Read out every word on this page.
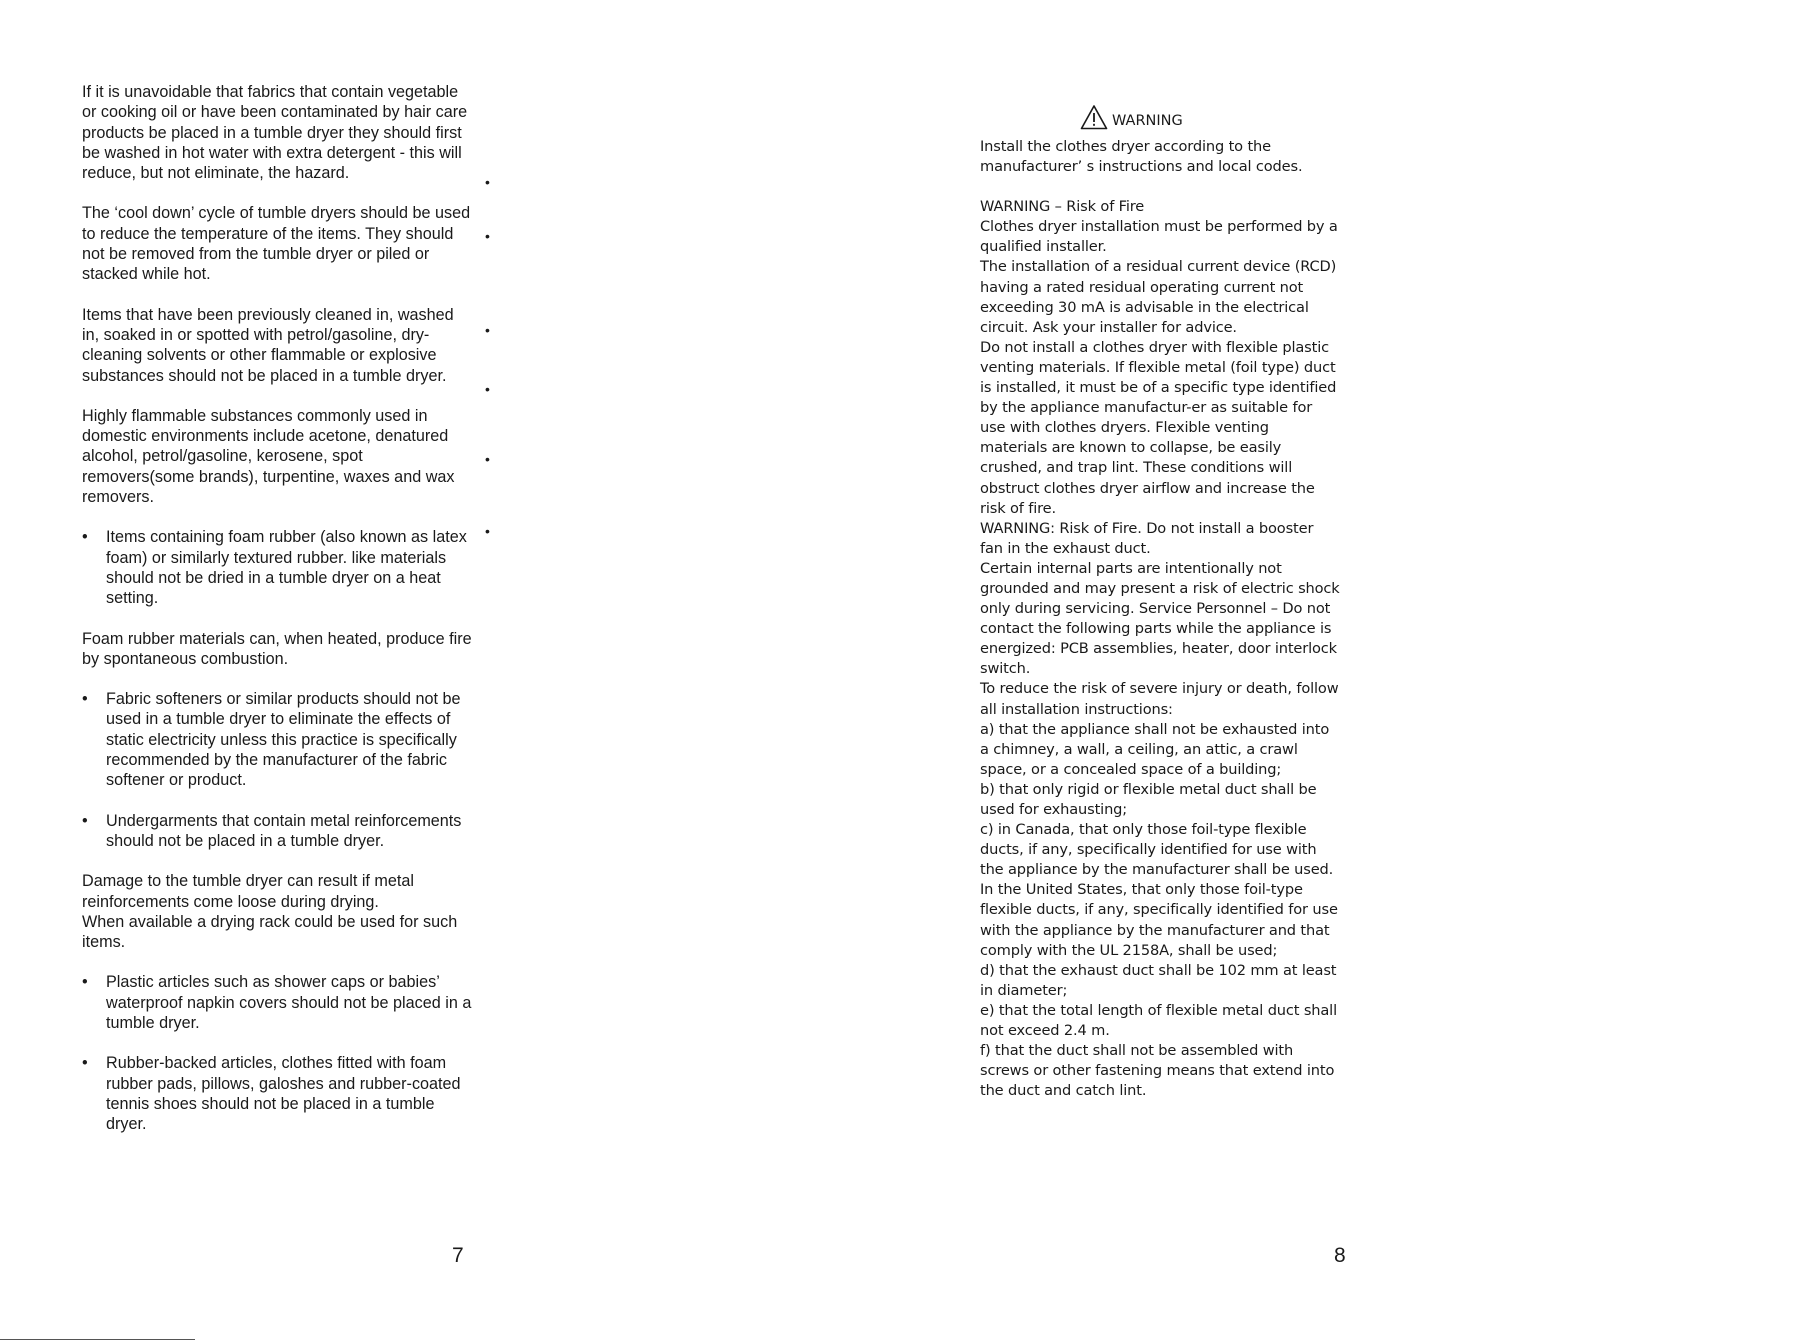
If it is unavoidable that fabrics that contain vegetable or cooking oil or have been contaminated by hair care products be placed in a tumble dryer they should first be washed in hot water with extra detergent - this will reduce, but not eliminate, the hazard.

The ‘cool down’ cycle of tumble dryers should be used to reduce the temperature of the items. They should not be removed from the tumble dryer or piled or stacked while hot.

Items that have been previously cleaned in, washed in, soaked in or spotted with petrol/gasoline, dry-cleaning solvents or other flammable or explosive substances should not be placed in a tumble dryer.

Highly flammable substances commonly used in domestic environments include acetone, denatured alcohol, petrol/gasoline, kerosene, spot removers(some brands), turpentine, waxes and wax removers.

•	Items containing foam rubber (also known as latex foam) or similarly textured rubber. like materials should not be dried in a tumble dryer on a heat setting.

Foam rubber materials can, when heated, produce fire by spontaneous combustion.

•	Fabric softeners or similar products should not be used in a tumble dryer to eliminate the effects of static electricity unless this practice is specifically recommended by the manufacturer of the fabric softener or product.
•	Undergarments that contain metal reinforcements should not be placed in a tumble dryer.
Damage to the tumble dryer can result if metal reinforcements come loose during drying.
When available a drying rack could be used for such items.
•	Plastic articles such as shower caps or babies’ waterproof napkin covers should not be placed in a tumble dryer.
•	Rubber-backed articles, clothes fitted with foam rubber pads, pillows, galoshes and rubber-coated tennis shoes should not be placed in a tumble dryer.
•
•
•
•
•
•
7
WARNING

Install the clothes dryer according to the manufacturer’ s instructions and local codes.

WARNING – Risk of Fire

Clothes dryer installation must be performed by a qualified installer.

The installation of a residual current device (RCD) having a rated residual operating current not exceeding 30 mA is advisable in the electrical circuit. Ask your installer for advice.

Do not install a clothes dryer with flexible plastic venting materials. If flexible metal (foil type) duct is installed, it must be of a specific type identified by the appliance manufactur-er as suitable for use with clothes dryers. Flexible venting materials are known to collapse, be easily crushed, and trap lint. These conditions will obstruct clothes dryer airflow and increase the risk of fire.

WARNING: Risk of Fire. Do not install a booster fan in the exhaust duct.

Certain internal parts are intentionally not grounded and may present a risk of electric shock only during servicing. Service Personnel – Do not contact the following parts while the appliance is energized: PCB assemblies, heater, door interlock switch.

To reduce the risk of severe injury or death, follow all installation instructions:

a) that the appliance shall not be exhausted into a chimney, a wall, a ceiling, an attic, a crawl space, or a concealed space of a building;

b) that only rigid or flexible metal duct shall be used for exhausting;

c) in Canada, that only those foil-type flexible ducts, if any, specifically identified for use with the appliance by the manufacturer shall be used. In the United States, that only those foil-type flexible ducts, if any, specifically identified for use with the appliance by the manufacturer and that comply with the UL 2158A, shall be used;

d) that the exhaust duct shall be 102 mm at least in diameter;

e) that the total length of flexible metal duct shall not exceed 2.4 m.

f) that the duct shall not be assembled with screws or other fastening means that extend into the duct and catch lint.

8
